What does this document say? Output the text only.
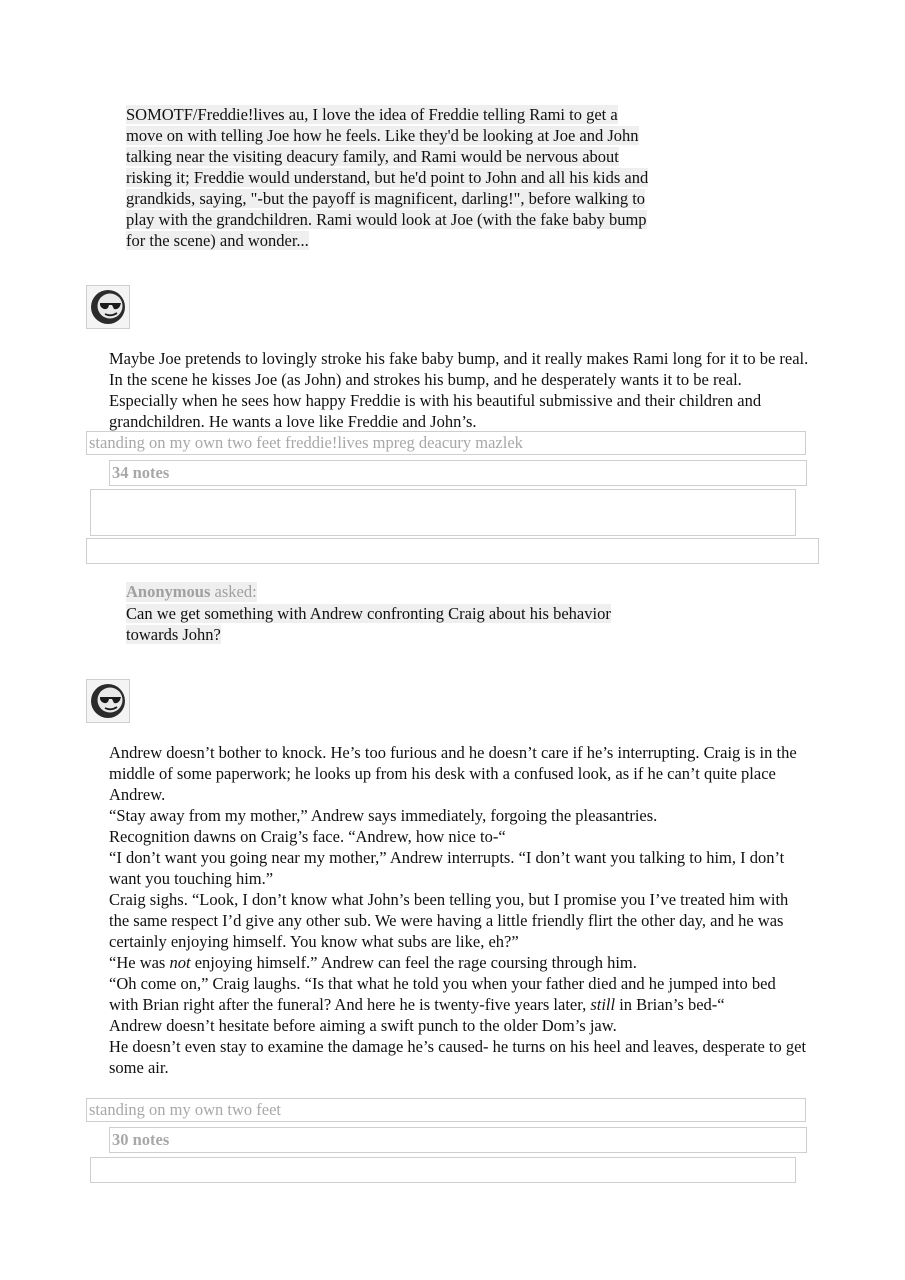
SOMOTF/Freddie!lives au, I love the idea of Freddie telling Rami to get a
move on with telling Joe how he feels. Like they'd be looking at Joe and John
talking near the visiting deacury family, and Rami would be nervous about
risking it; Freddie would understand, but he'd point to John and all his kids and
grandkids, saying, "-but the payoff is magnificent, darling!", before walking to
play with the grandchildren. Rami would look at Joe (with the fake baby bump
for the scene) and wonder...

Maybe Joe pretends to lovingly stroke his fake baby bump, and it really makes Rami long for it to be real. In the scene he kisses Joe (as John) and strokes his bump, and he desperately wants it to be real. Especially when he sees how happy Freddie is with his beautiful submissive and their children and grandchildren. He wants a love like Freddie and John’s.

standing on my own two feet freddie!lives mpreg deacury mazlek
34 notes
Anonymous asked:
Can we get something with Andrew confronting Craig about his behavior
towards John?

Andrew doesn’t bother to knock. He’s too furious and he doesn’t care if he’s interrupting. Craig is in the middle of some paperwork; he looks up from his desk with a confused look, as if he can’t quite place Andrew.

“Stay away from my mother,” Andrew says immediately, forgoing the pleasantries.

Recognition dawns on Craig’s face. “Andrew, how nice to-“

“I don’t want you going near my mother,” Andrew interrupts. “I don’t want you talking to him, I don’t want you touching him.”

Craig sighs. “Look, I don’t know what John’s been telling you, but I promise you I’ve treated him with the same respect I’d give any other sub. We were having a little friendly flirt the other day, and he was certainly enjoying himself. You know what subs are like, eh?”

“He was not enjoying himself.” Andrew can feel the rage coursing through him.

“Oh come on,” Craig laughs. “Is that what he told you when your father died and he jumped into bed with Brian right after the funeral? And here he is twenty-five years later, still in Brian’s bed-“

Andrew doesn’t hesitate before aiming a swift punch to the older Dom’s jaw.

He doesn’t even stay to examine the damage he’s caused- he turns on his heel and leaves, desperate to get some air.

standing on my own two feet
30 notes
